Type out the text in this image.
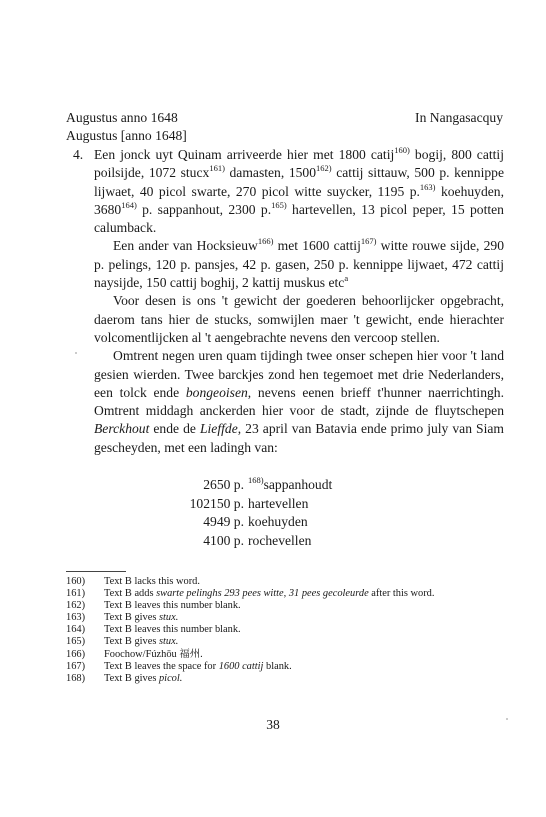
Augustus anno 1648	In Nangasacquy
Augustus [anno 1648]
4. Een jonck uyt Quinam arriveerde hier met 1800 catij$^{160)}$ bogij, 800 cattij poilsijde, 1072 stucx$^{161)}$ damasten, 1500$^{162)}$ cattij sittauw, 500 p. kennippe lijwaet, 40 picol swarte, 270 picol witte suycker, 1195 p.$^{163)}$ koehuyden, 3680$^{164)}$ p. sappanhout, 2300 p.$^{165)}$ hartevellen, 13 picol peper, 15 potten calumback.

Een ander van Hocksieuw$^{166)}$ met 1600 cattij$^{167)}$ witte rouwe sijde, 290 p. pelings, 120 p. pansjes, 42 p. gasen, 250 p. kennippe lijwaet, 472 cattij naysijde, 150 cattij boghij, 2 kattij muskus etc$^a$

Voor desen is ons 't gewicht der goederen behoorlijcker opgebracht, daerom tans hier de stucks, somwijlen maer 't gewicht, ende hierachter volcomentlijcken al 't aengebrachte nevens den vercoop stellen.

Omtrent negen uren quam tijdingh twee onser schepen hier voor 't land gesien wierden. Twee barckjes zond hen tegemoet met drie Nederlanders, een tolck ende bongeoisen, nevens eenen brieff t'hunner naerrichtingh. Omtrent middagh anckerden hier voor de stadt, zijnde de fluytschepen Berckhout ende de Lieffde, 23 april van Batavia ende primo july van Siam gescheyden, met een ladingh van:

2650 p. $^{168)}$sappanhoudt
102150 p. hartevellen
4949 p. koehuyden
4100 p. rochevellen
160)	Text B lacks this word.
161)	Text B adds swarte pelinghs 293 pees witte, 31 pees gecoleurde after this word.
162)	Text B leaves this number blank.
163)	Text B gives stux.
164)	Text B leaves this number blank.
165)	Text B gives stux.
166)	Foochow/Fúzhōu 福州.
167)	Text B leaves the space for 1600 cattij blank.
168)	Text B gives picol.
38
